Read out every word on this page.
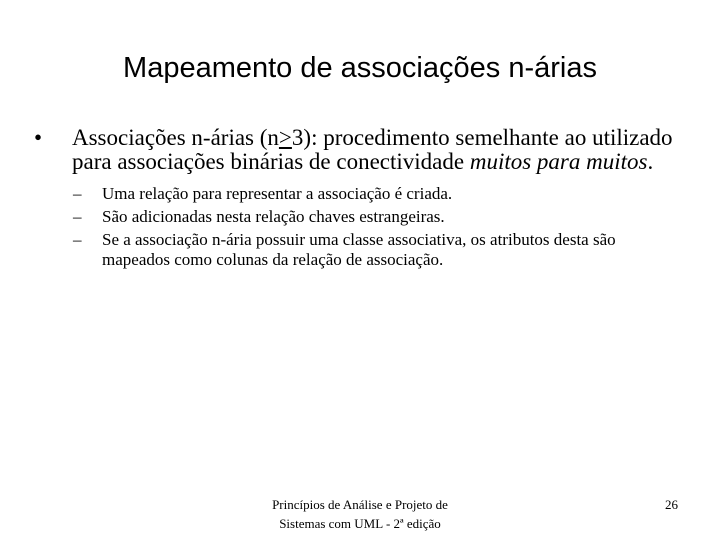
Mapeamento de associações n-árias
• Associações n-árias (n≥3): procedimento semelhante ao utilizado para associações binárias de conectividade muitos para muitos.
– Uma relação para representar a associação é criada.
– São adicionadas nesta relação chaves estrangeiras.
– Se a associação n-ária possuir uma classe associativa, os atributos desta são mapeados como colunas da relação de associação.
Princípios de Análise e Projeto de
Sistemas com UML - 2ª edição
26
